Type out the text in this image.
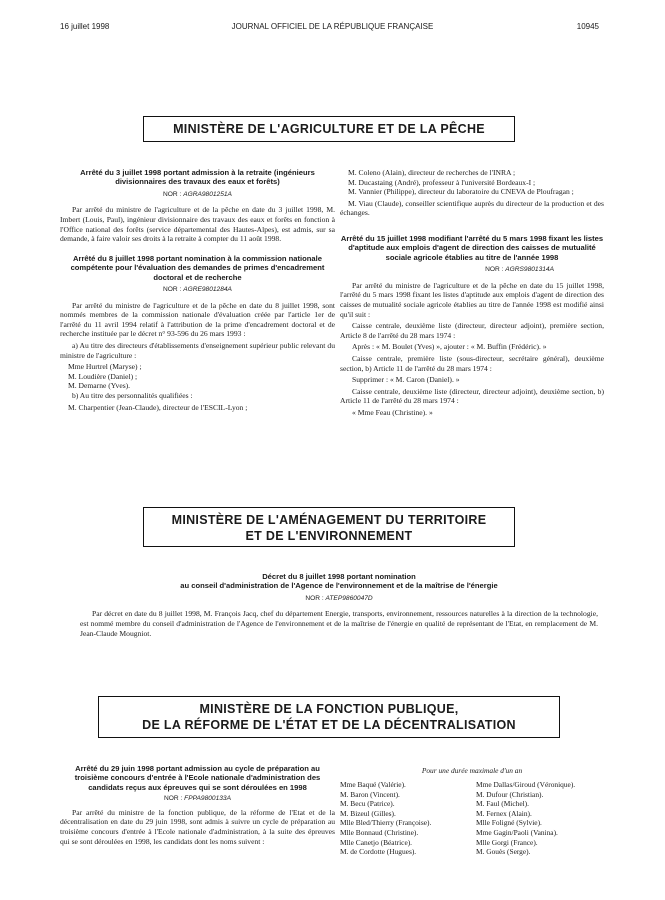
16 juillet 1998	JOURNAL OFFICIEL DE LA RÉPUBLIQUE FRANÇAISE	10945
MINISTÈRE DE L'AGRICULTURE ET DE LA PÊCHE
Arrêté du 3 juillet 1998 portant admission à la retraite (ingénieurs divisionnaires des travaux des eaux et forêts)
NOR : AGRA9801251A

Par arrêté du ministre de l'agriculture et de la pêche en date du 3 juillet 1998, M. Imbert (Louis, Paul), ingénieur divisionnaire des travaux des eaux et forêts en fonction à l'Office national des forêts (service départemental des Hautes-Alpes), est admis, sur sa demande, à faire valoir ses droits à la retraite à compter du 11 août 1998.

Arrêté du 8 juillet 1998 portant nomination à la commission nationale compétente pour l'évaluation des demandes de primes d'encadrement doctoral et de recherche
NOR : AGRE9801284A

Par arrêté du ministre de l'agriculture et de la pêche en date du 8 juillet 1998, sont nommés membres de la commission nationale d'évaluation créée par l'article 1er de l'arrêté du 11 avril 1994 relatif à l'attribution de la prime d'encadrement doctoral et de recherche instituée par le décret n° 93-596 du 26 mars 1993 :

a) Au titre des directeurs d'établissements d'enseignement supérieur public relevant du ministre de l'agriculture :

Mme Hurtrel (Maryse) ;
M. Loudière (Daniel) ;
M. Demarne (Yves).

b) Au titre des personnalités qualifiées :

M. Charpentier (Jean-Claude), directeur de l'ESCIL-Lyon ;
M. Coleno (Alain), directeur de recherches de l'INRA ;
M. Ducastaing (André), professeur à l'université Bordeaux-I ;

M. Vannier (Philippe), directeur du laboratoire du CNEVA de Ploufragan ;

M. Viau (Claude), conseiller scientifique auprès du directeur de la production et des échanges.

Arrêté du 15 juillet 1998 modifiant l'arrêté du 5 mars 1998 fixant les listes d'aptitude aux emplois d'agent de direction des caisses de mutualité sociale agricole établies au titre de l'année 1998
NOR : AGRS9801314A

Par arrêté du ministre de l'agriculture et de la pêche en date du 15 juillet 1998, l'arrêté du 5 mars 1998 fixant les listes d'aptitude aux emplois d'agent de direction des caisses de mutualité sociale agricole établies au titre de l'année 1998 est modifié ainsi qu'il suit :

Caisse centrale, deuxième liste (directeur, directeur adjoint), première section, Article 8 de l'arrêté du 28 mars 1974 :

Après : « M. Boulet (Yves) », ajouter : « M. Buffin (Frédéric). »

Caisse centrale, première liste (sous-directeur, secrétaire général), deuxième section, b) Article 11 de l'arrêté du 28 mars 1974 :

Supprimer : « M. Caron (Daniel). »

Caisse centrale, deuxième liste (directeur, directeur adjoint), deuxième section, b) Article 11 de l'arrêté du 28 mars 1974 :

« Mme Feau (Christine). »

MINISTÈRE DE L'AMÉNAGEMENT DU TERRITOIRE
ET DE L'ENVIRONNEMENT
Décret du 8 juillet 1998 portant nomination
au conseil d'administration de l'Agence de l'environnement et de la maîtrise de l'énergie
NOR : ATEP9860047D

Par décret en date du 8 juillet 1998, M. François Jacq, chef du département Energie, transports, environnement, ressources naturelles à la direction de la technologie, est nommé membre du conseil d'administration de l'Agence de l'environnement et de la maîtrise de l'énergie en qualité de représentant de l'Etat, en remplacement de M. Jean-Claude Mougniot.

MINISTÈRE DE LA FONCTION PUBLIQUE,
DE LA RÉFORME DE L'ÉTAT ET DE LA DÉCENTRALISATION
Arrêté du 29 juin 1998 portant admission au cycle de préparation au troisième concours d'entrée à l'Ecole nationale d'administration des candidats reçus aux épreuves qui se sont déroulées en 1998
NOR : FPPA9800133A

Par arrêté du ministre de la fonction publique, de la réforme de l'Etat et de la décentralisation en date du 29 juin 1998, sont admis à suivre un cycle de préparation au troisième concours d'entrée à l'Ecole nationale d'administration, à la suite des épreuves qui se sont déroulées en 1998, les candidats dont les noms suivent :

Pour une durée maximale d'un an
Mme Baqué (Valérie).
M. Baron (Vincent).
M. Becu (Patrice).
M. Bizeul (Gilles).
Mlle Bled/Thierry (Françoise).
Mlle Bonnaud (Christine).
Mlle Canetjo (Béatrice).
M. de Cordotte (Hugues).
Mme Dallas/Giroud (Véronique).
M. Dufour (Christian).
M. Faul (Michel).
M. Fernex (Alain).
Mlle Foligné (Sylvie).
Mme Gagin/Paoli (Vanina).
Mlle Gorgi (France).
M. Gouès (Serge).
